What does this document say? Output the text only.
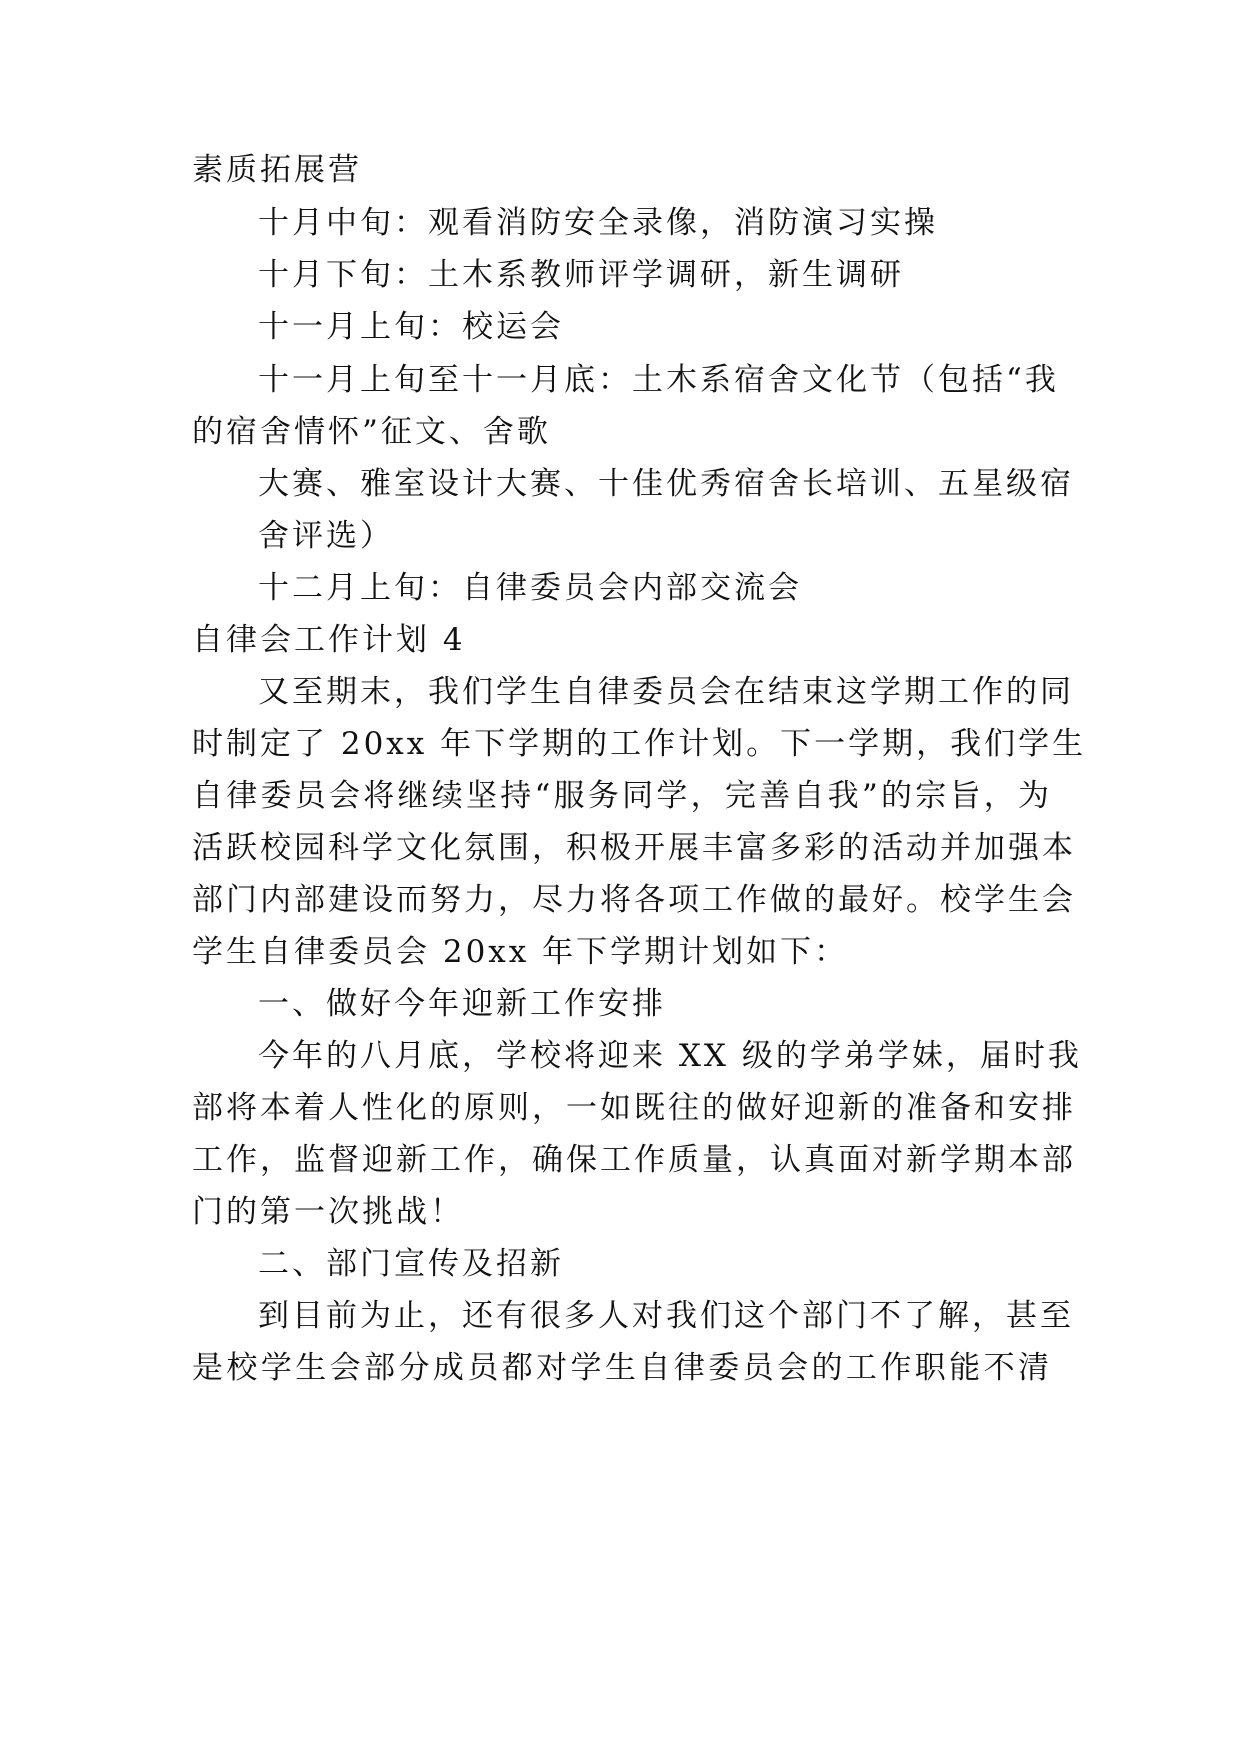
素质拓展营
十月中旬：观看消防安全录像，消防演习实操
十月下旬：土木系教师评学调研，新生调研
十一月上旬：校运会
十一月上旬至十一月底：土木系宿舍文化节（包括“我
的宿舍情怀”征文、舍歌
大赛、雅室设计大赛、十佳优秀宿舍长培训、五星级宿
舍评选）
十二月上旬：自律委员会内部交流会
自律会工作计划 4
又至期末，我们学生自律委员会在结束这学期工作的同
时制定了 20xx 年下学期的工作计划。下一学期，我们学生
自律委员会将继续坚持“服务同学，完善自我”的宗旨，为
活跃校园科学文化氛围，积极开展丰富多彩的活动并加强本
部门内部建设而努力，尽力将各项工作做的最好。校学生会
学生自律委员会 20xx 年下学期计划如下：
一、做好今年迎新工作安排
今年的八月底，学校将迎来 XX 级的学弟学妹，届时我
部将本着人性化的原则，一如既往的做好迎新的准备和安排
工作，监督迎新工作，确保工作质量，认真面对新学期本部
门的第一次挑战！
二、部门宣传及招新
到目前为止，还有很多人对我们这个部门不了解，甚至
是校学生会部分成员都对学生自律委员会的工作职能不清
